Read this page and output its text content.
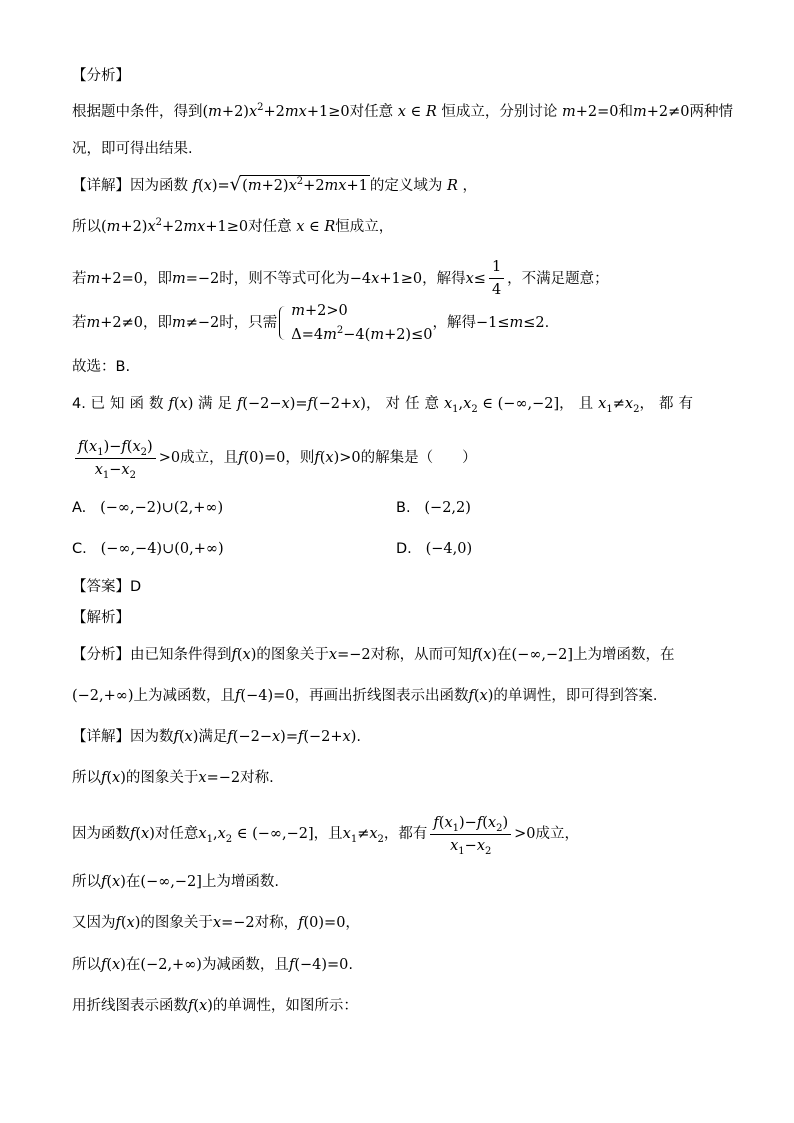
【分析】
根据题中条件，得到 $(m+2)x^2+2mx+1\ge 0$ 对任意 x ∈ R 恒成立，分别讨论 m+2=0 和 m+2≠0 两种情
况，即可得出结果.
【详解】 因为函数 f(x)= √ $(m+2)x^2+2mx+1$ 的定义域为 R ，
所以 $(m+2)x^2+2mx+1\ge 0$ 对任意 x ∈ R 恒成立，
若 m+2=0 ，即 m=−2 时，则不等式可化为 −4x+1≥0 ，解得 $x\le \frac{1}{4}$ ，不满足题意；
若 m+2≠0 ，即 m≠−2 时，只需
m+2>0
$\Delta=4m^2-4(m+2)\le 0$
，解得 −1≤m≤2 .
故选：B.
4.
已知函数 f(x) 满足 f(−2−x)=f(−2+x) ，对任意 $x_1,x_2$ ∈ (−∞,−2] ，且 $x_1\ne x_2$ ，都有
$\frac{f(x_1)-f(x_2)}{x_1-x_2} >0$ 成立，且 f(0)=0 ，则 f(x)>0 的解集是（　　）
A. (−∞,−2)∪(2,+∞)	B. (−2,2)
C. (−∞,−4)∪(0,+∞)	D. (−4,0)
【答案】D
【解析】
【分析】 由已知条件得到 f(x) 的图象关于 x=−2 对称，从而可知 f(x) 在 (−∞,−2] 上为增函数，在
(−2,+∞) 上为减函数，且 f(−4)=0 ，再画出折线图表示出函数 f(x) 的单调性，即可得到答案.
【详解】 因为数 f(x) 满足 f(−2−x)=f(−2+x) .
所以 f(x) 的图象关于 x=−2 对称.
因为函数 f(x) 对任意 $x_1,x_2$ ∈ (−∞,−2] ，且 $x_1\ne x_2$ ，都有 $\frac{f(x_1)-f(x_2)}{x_1-x_2} >0$ 成立，
所以 f(x) 在 (−∞,−2] 上为增函数.
又因为 f(x) 的图象关于 x=−2 对称， f(0)=0 ，
所以 f(x) 在 (−2,+∞) 为减函数，且 f(−4)=0 .
用折线图表示函数 f(x) 的单调性，如图所示：
